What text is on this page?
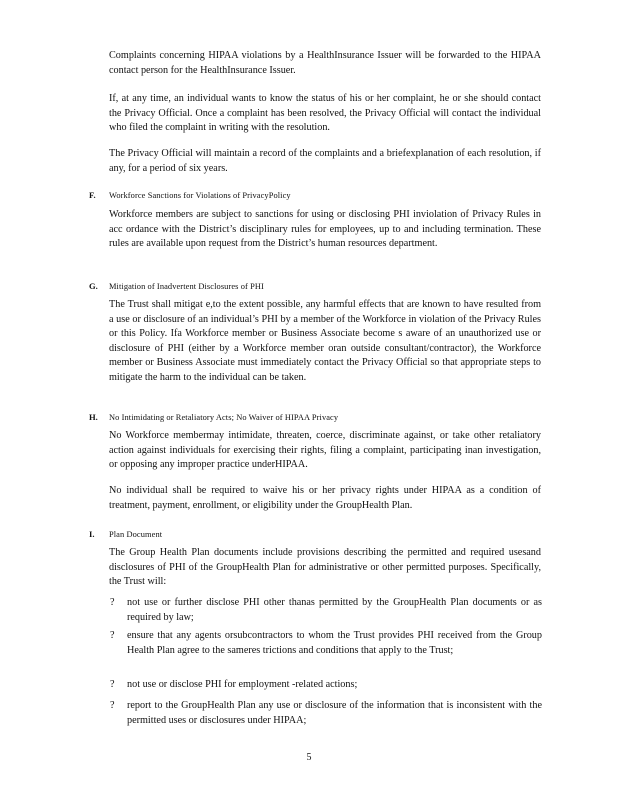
Complaints concerning HIPAA violations by a HealthInsurance Issuer will be forwarded to the HIPAA contact person for the HealthInsurance Issuer.

If, at any time, an individual wants to know the status of his or her complaint, he or she should contact the Privacy Official. Once a complaint has been resolved, the Privacy Official will contact the individual who filed the complaint in writing with the resolution.

The Privacy Official will maintain a record of the complaints and a briefexplanation of each resolution, if any, for a period of six years.

F. Workforce Sanctions for Violations of PrivacyPolicy

Workforce members are subject to sanctions for using or disclosing PHI inviolation of Privacy Rules in acc ordance with the District’s disciplinary rules for employees, up to and including termination. These rules are available upon request from the District’s human resources department.

G. Mitigation of Inadvertent Disclosures of PHI

The Trust shall mitigat e,to the extent possible, any harmful effects that are known to have resulted from a use or disclosure of an individual’s PHI by a member of the Workforce in violation of the Privacy Rules or this Policy. Ifa Workforce member or Business Associate become s aware of an unauthorized use or disclosure of PHI (either by a Workforce member oran outside consultant/contractor), the Workforce member or Business Associate must immediately contact the Privacy Official so that appropriate steps to mitigate the harm to the individual can be taken.

H. No Intimidating or Retaliatory Acts; No Waiver of HIPAA Privacy

No Workforce membermay intimidate, threaten, coerce, discriminate against, or take other retaliatory action against individuals for exercising their rights, filing a complaint, participating inan investigation, or opposing any improper practice underHIPAA.

No individual shall be required to waive his or her privacy rights under HIPAA as a condition of treatment, payment, enrollment, or eligibility under the GroupHealth Plan.

I. Plan Document

The Group Health Plan documents include provisions describing the permitted and required usesand disclosures of PHI of the GroupHealth Plan for administrative or other permitted purposes. Specifically, the Trust will:

? not use or further disclose PHI other thanas permitted by the GroupHealth Plan documents or as required by law;
? ensure that any agents orsubcontractors to whom the Trust provides PHI received from the Group Health Plan agree to the sameres trictions and conditions that apply to the Trust;
? not use or disclose PHI for employment -related actions;
? report to the GroupHealth Plan any use or disclosure of the information that is inconsistent with the permitted uses or disclosures under HIPAA;
5
